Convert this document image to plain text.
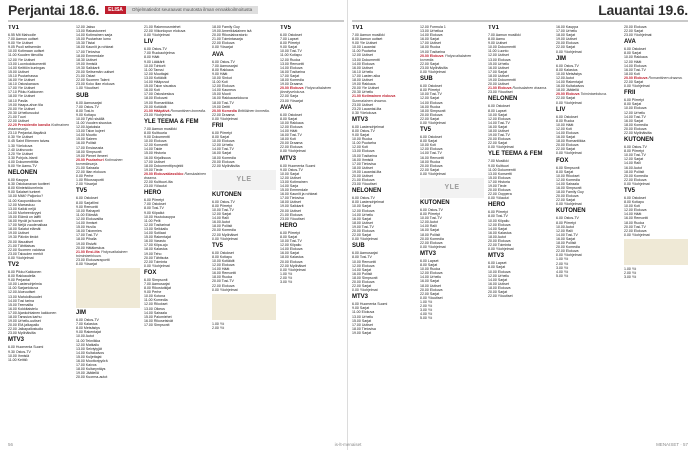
Perjantai 18.6.	ELISA	Ohjelmatiedot seuraavat muutosta ilman ennakkoilmoitusta
TV1
6.55 Mit Mahoolle
7.00 Aamun uutiset
9.00 Yle Uutiset
9.05 Puoli seitsemän
10.00 Kotimaan uutiset
11.00 Kuuden tiimoilta
12.00 Yle Uutiset
13.00 Luontodokumentti
14.00 Keittiön kuningas
15.00 Uutiset
15.10 Puutarhassa
16.00 Yle Uutiset
16.10 Ostoskanava
17.00 Yle Uutiset
17.10 Pikku Kakkonen
18.00 Yle Uutiset
18.10 Pasila
19.00 Haapa-ahon tila
20.00 Yle Uutiset
20.30 Urheiluruudut
21.00 Tuuri
22.00 Uutiset
22.20 Presidentin kanslia Kotimainen draamasarja.
23.10 Perjantai-iltapäivä
0.30 Yle Uutiset
0.45 Saint Etiennen taivas
1.30 Yöelokuva
2.40 Uutisvuoto
3.20 Yle Uutiset
3.30 Pohjois-Irlanti
4.00 Dokumenttitila
5.00 Yle Aamu-TV
NELONEN
6.00 Kauppa
6.30 Ostokanavan tuotteet
8.00 Kiinteistöunelmia
9.00 Salaiset tunteet
10.00 Mitä? Paljonko?
11.00 Kaupunkikuvia
12.00 Marraskuu
13.00 Kaikki neljä
14.00 Murheenkryyni
15.00 Elämä on laiffii
16.00 Hyvät ja huonot
17.00 Neljä vuodenaikaa
18.00 Salatut elämät
19.00 Uutiset
19.30 Päivän tiedot
20.00 Iltauutiset
21.00 Tähtitaivas
22.00 Suomen valoissa
23.00 Talouden merkit
0.00 Yöohjelmat
TV2
6.00 Pikku Kakkonen
8.00 Rakkaudella
9.00 Perjantai
10.00 Lastenohjelmia
11.00 Sarjaelokuva
12.00 Alueuutiset
13.00 Mahdollisuudet
14.00 Tosi tarina
15.00 Teemailta
16.00 Kokkitaistelu
17.00 Ajankohtainen kakkonen
18.00 Tanssiva karhu
19.00 Urheilu-uutiset
20.00 EM-jalkapallo
22.00 Jalkapallostudio
23.00 Myöhäisilta
MTV3
6.00 Huomenta Suomi
9.30 Ostos-TV
10.00 Ihmisiä
11.00 Keittiö
12.00 Jakso
13.00 Rakastuneet
14.00 Kotimainen sarja
15.00 Puutarhan lumo
15.30 Tiistai
16.00 Kauniit ja rohkeat
17.00 Tietovisa
18.00 Emmerdale
18.30 Uutiset
19.00 Ihmisiä
19.30 Salkkarit
20.00 Seitsemän uutiset
21.00 Ostari
22.00 Suomen Talent
23.00 Koko illan elokuva
1.00 Yöuutiset
SUB
6.00 Aamusarjat
7.00 Ostos-TV
8.00 Tosi-tv
9.00 Kotiapu
10.00 Tyttö sisällä
11.00 Vuoden sisustus
12.00 Ajatuksia
13.00 Talon kujeet
14.00 Muutto
15.00 Saleen
16.00 Poliisit
17.00 Ensiavusta
18.00 Simpsonit
19.00 Pienet ihmeet
20.00 Puutarhuri Kotimainen komediasarja.
21.00 Sairaala
22.00 Illan elokuva
0.00 Perhe
1.00 Rikosraportti
2.00 Yösarjat
TV5
6.00 Ostokset
8.00 Sarjafilmi
9.00 Remontti
10.00 Rahapeli
11.00 Elämää
12.00 Elokuvailta
14.00 Ihmiset
15.00 Huvila
16.00 Talonmies
17.00 Tosi-TV
18.00 Pihalla
19.00 Etsivät
20.00 Hätäkeskus
21.00 Ensi-ilta Yhdysvaltalainen toimintaelokuva.
23.00 Elokuvaraportti
0.00 Yösarjat
JIM
6.00 Ostos-TV
7.00 Kalastus
8.00 Metsästys
9.00 Rakentajat
10.00 Autot
11.00 Tekniikka
12.00 Matkailu
13.00 Selviytyjät
14.00 Kultakaivos
15.00 Kuljettajat
16.00 Moottoripyörä
17.00 Kaivos
18.00 Kultaryntäys
19.00 Jäätiellä
20.00 Kuorma-autot
21.00 Rakennusmiehet
22.00 Viikonlopun elokuva
0.00 Yöohjelmat
LIV
6.00 Ostos-TV
7.00 Ruokaohjelma
8.00 Häät
9.00 Lääkärit
10.00 Tohtorit
11.00 Tanssi
12.00 Muuttajat
13.00 Kotiäidit
14.00 Hääpuvut
15.00 Talon sisustus
16.00 Koti
17.00 Ostoskeskus
18.00 Elokuvat
19.00 Romantiikka
20.00 Kotiäidit
21.00 Hääpäivä Romanttinen komedia.
23.00 Yöohjelmia
YLE TEEMA & FEM
7.00 Aamun musiikki
8.00 Kulttuuria
9.00 Dokumentti
10.00 Elokuva
12.00 Konsertti
14.00 Taide
15.00 Historia
16.00 Kirjallisuus
17.00 Uutiset
18.00 Dokumenttiprojekti
19.00 Tiede
20.00 Elokuvaklassikko Ranskalainen draama.
22.00 Kulttuuri-ilta
23.00 Yölaulut
HERO
6.00 Piirretyt
7.00 Ostokset
8.00 Tosi-TV
9.00 Kilpailut
10.00 Huutokauppa
11.00 Pelit
12.00 Tositarinat
13.00 Seikkailu
14.00 Sotilaat
15.00 Rakentajat
16.00 Varasto
17.00 Kilpa-ajo
18.00 Kalastus
19.00 Teho
20.00 Tähtisota
22.00 Toiminta
0.00 Yöohjelmat
FOX
6.00 Simpsonit
7.00 Aamusarjat
8.00 Rikostutkijat
9.00 Perhe
10.00 Kotona
11.00 Komedia
12.00 Rikokset
13.00 Oikeus
14.00 Sairaala
15.00 Palomiehet
16.00 Rikosetsivät
17.00 Simpsonit
18.00 Family Guy
19.00 Amerikkalainen isä
20.00 Rikoslaboratorio
21.00 Toimintasarja
22.00 Elokuva
0.00 Yösarjat
AVA
6.00 Ostos-TV
7.00 Aamusarjat
8.00 Rakkaus
9.00 Häät
10.00 Sinkut
11.00 Koti
12.00 Elokuva
14.00 Kauneus
15.00 Muoti
16.00 Rakkauselokuva
18.00 Tosi-TV
19.00 Deitti
20.00 Komedia Brittiläinen komedia.
22.00 Draama
0.00 Yöohjelmat
FRII
6.00 Piirretyt
8.00 Sarjat
10.00 Elokuva
12.00 Urheilu
14.00 Tosi-TV
16.00 Sarjat
18.00 Komedia
20.00 Elokuva
22.00 Myöhäisilta
YLE
KUTONEN
6.00 Ostos-TV
8.00 Piirretyt
10.00 Tosi-TV
12.00 Sarjat
14.00 Ralli
16.00 Autot
18.00 Poliisit
20.00 Komedia
22.00 Myöhäiset
0.00 Yöohjelmat
TV5
6.00 Ostokset
8.00 Kotiapu
10.00 Kotiäidit
12.00 Elokuva
14.00 Häät
16.00 Remontti
18.00 Ruoka
20.00 Tosi-TV
22.00 Elokuva
0.00 Yöohjelmat
1.00 Yö
2.00 Yö
TV5
6.00 Ostokset
7.00 Lapset
8.00 Piirretyt
9.00 Sarjat
10.00 Tosi-TV
11.00 Kotiapu
12.00 Ruoka
13.00 Remontti
14.00 Elokuva
16.00 Tositarina
17.00 Sarjat
18.00 Komedia
19.00 Draama
20.00 Elokuva Yhdysvaltalainen jännityselokuva.
22.00 Sarja
23.00 Yösarjat
AVA
6.00 Ostokset
8.00 Sarjat
10.00 Rakkaus
12.00 Elokuva
14.00 Häät
16.00 Tosi-TV
18.00 Koti
20.00 Draama
22.00 Elokuva
0.00 Yöohjelmat
MTV3
6.00 Huomenta Suomi
9.00 Ostos-TV
10.00 Sarjat
12.00 Uutiset
13.00 Kotimainen
14.00 Sarja
15.00 Emmerdale
16.00 Kauniit ja rohkeat
17.00 Tietovisa
18.00 Uutiset
19.00 Salkkarit
20.00 Uutiset
21.00 Elokuva
23.00 Yöuutiset
HERO
6.00 Piirretyt
8.00 Sarjat
10.00 Tosi-TV
12.00 Kilpailu
14.00 Elokuva
16.00 Sarjat
18.00 Kalastus
20.00 Elokuva
22.00 Myöhäiset
0.00 Yöohjelmat
1.00 Yö
2.00 Yö
3.00 Yö
Lauantai 19.6.
TV1
7.00 Aamun musiikki
8.00 Aamun uutiset
9.00 Yle Uutiset
10.00 Lauantai
11.00 Puutarha
12.00 Uutiset
13.00 Dokumentti
14.00 Elokuva
16.00 Uutiset
16.10 Urheilu
17.00 Lasten aika
18.00 Uutiset
19.00 Rakkaus
20.00 Yle Uutiset
20.30 Urheilu
21.00 Kotimainen elokuva Suomalainen draama.
23.00 Uutiset
23.20 Lauantai-ilta
0.30 Yöelokuva
MTV3
6.00 Lastenohjelmat
8.00 Ostos-TV
9.00 Sarjat
10.00 Ruoka
11.00 Puutarha
12.00 Koti
13.00 Elokuva
15.00 Tositarina
16.00 Ihmisiä
17.00 Tietovisa
18.00 Uutiset
19.00 Lauantai-ilta
20.00 Uutiset
21.00 Elokuva
23.00 Yöuutiset
NELONEN
6.00 Ostos-TV
8.00 Lastenohjelmat
10.00 Sarjat
12.00 Elokuva
14.00 Urheilu
16.00 Sarjat
18.00 Uutiset
19.00 Tosi-TV
20.00 Elokuva
22.00 Sarjat
0.00 Yöohjelmat
SUB
6.00 Aamusarjat
8.00 Tosi-TV
10.00 Remontti
12.00 Elokuva
14.00 Sarjat
16.00 Poliisit
18.00 Simpsonit
20.00 Elokuva
22.00 Sarjat
0.00 Yöohjelmat
MTV3
6.00 Huomenta Suomi
9.00 Sarjat
11.00 Elokuva
13.00 Urheilu
15.00 Sarjat
17.00 Uutiset
18.00 Tietovisa
19.00 Sarjat
12.00 Formula 1
13.00 Urheilua
14.00 Elokuva
16.00 Sarjat
17.00 Uutiset
18.00 Ruoka
19.00 Tositarina
20.00 Elokuva Yhdysvaltalainen komedia.
22.00 Sarjat
23.00 Myöhäisilta
0.00 Yöohjelmat
SUB
6.00 Ostokset
8.00 Piirretyt
10.00 Tosi-TV
12.00 Sarjat
14.00 Elokuva
16.00 Ruoka
18.00 Simpsonit
20.00 Elokuva
22.00 Sarjat
0.00 Yöohjelmat
TV5
6.00 Ostokset
8.00 Sarjat
10.00 Koti
12.00 Elokuva
14.00 Tosi-TV
16.00 Remontti
18.00 Ruoka
20.00 Elokuva
22.00 Sarjat
0.00 Yöohjelmat
YLE
KUTONEN
6.00 Ostos-TV
8.00 Piirretyt
10.00 Tosi-TV
12.00 Autot
14.00 Ralli
16.00 Sarjat
18.00 Poliisit
20.00 Komedia
22.00 Elokuva
0.00 Yöohjelmat
MTV3
6.00 Lapset
8.00 Sarjat
10.00 Ruoka
12.00 Elokuva
14.00 Urheilu
16.00 Sarjat
18.00 Uutiset
20.00 Elokuva
22.00 Sarjat
0.00 Yöuutiset
1.00 Yö
2.00 Yö
3.00 Yö
4.00 Yö
5.00 Yö
TV1
7.00 Aamun musiikki
8.00 Aamu
9.00 Uutiset
10.00 Dokumentti
11.00 Luonto
12.00 Uutiset
13.00 Elokuva
15.00 Urheilu
16.00 Uutiset
17.00 Sarjat
18.00 Uutiset
19.00 Dokumentti
20.00 Uutiset
21.00 Elokuva Ruotsalainen draama.
23.00 Yöuutiset
NELONEN
6.00 Ostokset
8.00 Lapset
10.00 Sarjat
12.00 Elokuva
14.00 Tosi-TV
16.00 Sarjat
18.00 Uutiset
19.00 Tosi-TV
20.00 Elokuva
22.00 Sarjat
0.00 Yöohjelmat
YLE TEEMA & FEM
7.00 Musiikki
9.00 Kulttuuri
11.00 Dokumentti
13.00 Konsertti
15.00 Elokuva
17.00 Historia
19.00 Tiede
20.00 Elokuva
22.00 Ooppera
0.00 Yölaulut
HERO
6.00 Piirretyt
8.00 Tosi-TV
10.00 Kilpailu
12.00 Elokuva
14.00 Sarjat
16.00 Kalastus
18.00 Autot
20.00 Elokuva
22.00 Toiminta
0.00 Yöohjelmat
MTV3
6.00 Lapset
8.00 Sarjat
10.00 Elokuva
12.00 Urheilu
14.00 Sarjat
16.00 Uutiset
18.00 Elokuva
20.00 Sarjat
22.00 Yöuutiset
16.00 Kauppa
17.00 Urheilu
18.00 Sarjat
19.00 Uutiset
20.00 Elokuva
22.00 Sarjat
0.00 Yöohjelmat
JIM
6.00 Ostos-TV
8.00 Kalastus
10.00 Metsästys
12.00 Autot
14.00 Rakentajat
16.00 Kultakaivos
18.00 Jäätiellä
20.00 Elokuva Toimintaelokuva.
22.00 Sarjat
0.00 Yöohjelmat
LIV
6.00 Ostokset
8.00 Ruoka
10.00 Häät
12.00 Koti
14.00 Elokuva
16.00 Sarjat
18.00 Romantiikka
20.00 Elokuva
22.00 Sarjat
0.00 Yöohjelmat
FOX
6.00 Simpsonit
8.00 Sarjat
10.00 Rikokset
12.00 Komedia
14.00 Sairaala
16.00 Simpsonit
18.00 Family Guy
20.00 Elokuva
22.00 Sarjat
0.00 Yöohjelmat
KUTONEN
6.00 Ostos-TV
8.00 Piirretyt
10.00 Autot
12.00 Ralli
14.00 Tosi-TV
16.00 Sarjat
18.00 Poliisit
20.00 Komedia
22.00 Elokuva
0.00 Yöohjelmat
1.00 Yö
2.00 Yö
3.00 Yö
4.00 Yö
5.00 Yö
20.00 Elokuva
22.00 Sarjat
23.00 Yöohjelmat
AVA
6.00 Ostokset
8.00 Sarjat
10.00 Rakkaus
12.00 Häät
14.00 Elokuva
16.00 Tosi-TV
18.00 Koti
20.00 Elokuva Romanttinen draama.
22.00 Sarjat
0.00 Yöohjelmat
FRII
6.00 Piirretyt
8.00 Sarjat
10.00 Elokuva
12.00 Urheilu
14.00 Tosi-TV
16.00 Sarjat
18.00 Komedia
20.00 Elokuva
22.00 Myöhäisilta
KUTONEN
6.00 Ostos-TV
8.00 Piirretyt
10.00 Tosi-TV
12.00 Sarjat
14.00 Ralli
16.00 Autot
18.00 Poliisit
20.00 Komedia
22.00 Elokuva
0.00 Yöohjelmat
TV5
6.00 Ostokset
8.00 Kotiapu
10.00 Koti
12.00 Elokuva
14.00 Häät
16.00 Remontti
18.00 Ruoka
20.00 Tosi-TV
22.00 Elokuva
0.00 Yöohjelmat
1.00 Yö
2.00 Yö
3.00 Yö
56	is-lt-menaiset	MENAISET · 57
